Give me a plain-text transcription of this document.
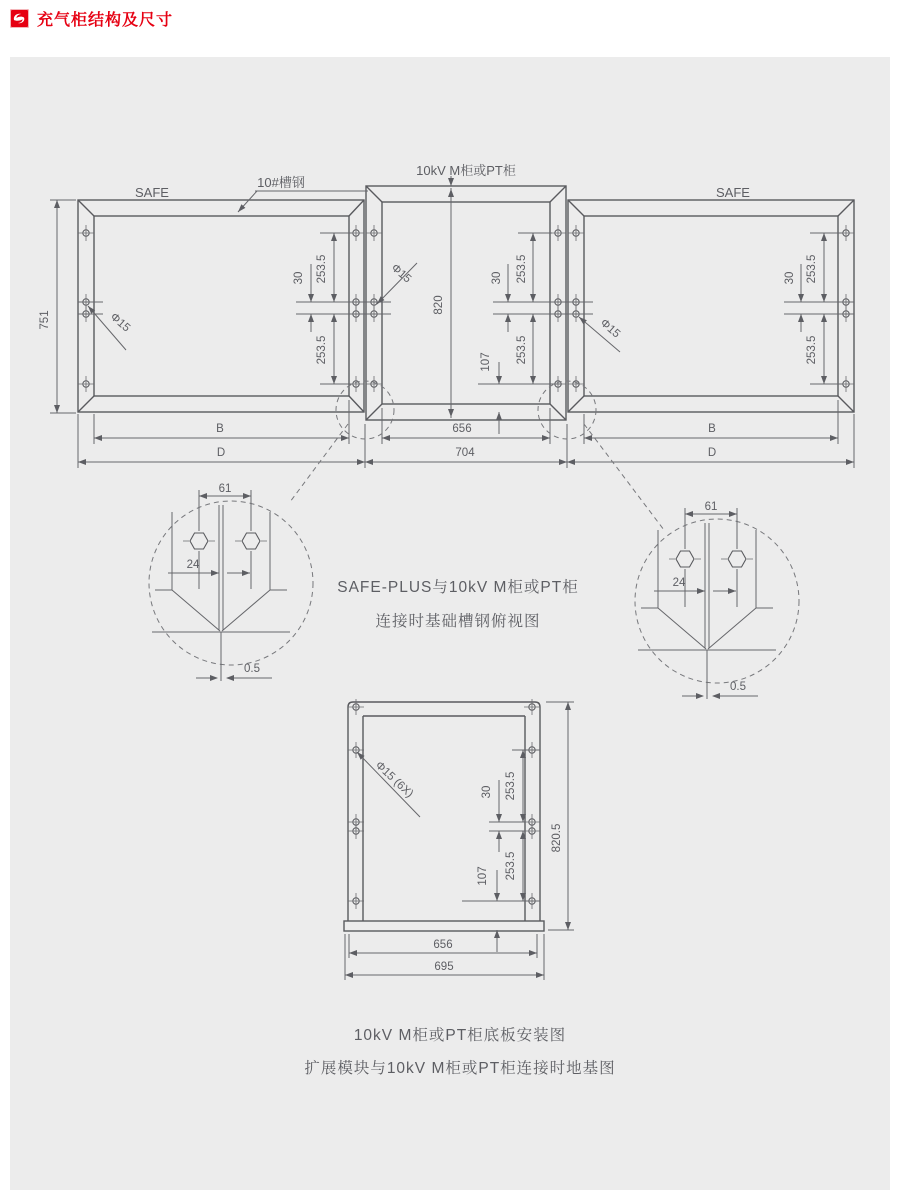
充气柜结构及尺寸
10kV M柜或PT柜
SAFE	SAFE
10#槽钢
751
820
30 253.5
253.5
30 253.5
253.5
107
30 253.5
253.5
Φ15
Φ15
Φ15
B
D
656
704
B
D
61
24
0.5
61
24
0.5
SAFE-PLUS与10kV M柜或PT柜
连接时基础槽钢俯视图
Φ15 (6X)	30 253.5
253.5
107
820.5
656
695
10kV M柜或PT柜底板安装图
扩展模块与10kV M柜或PT柜连接时地基图
